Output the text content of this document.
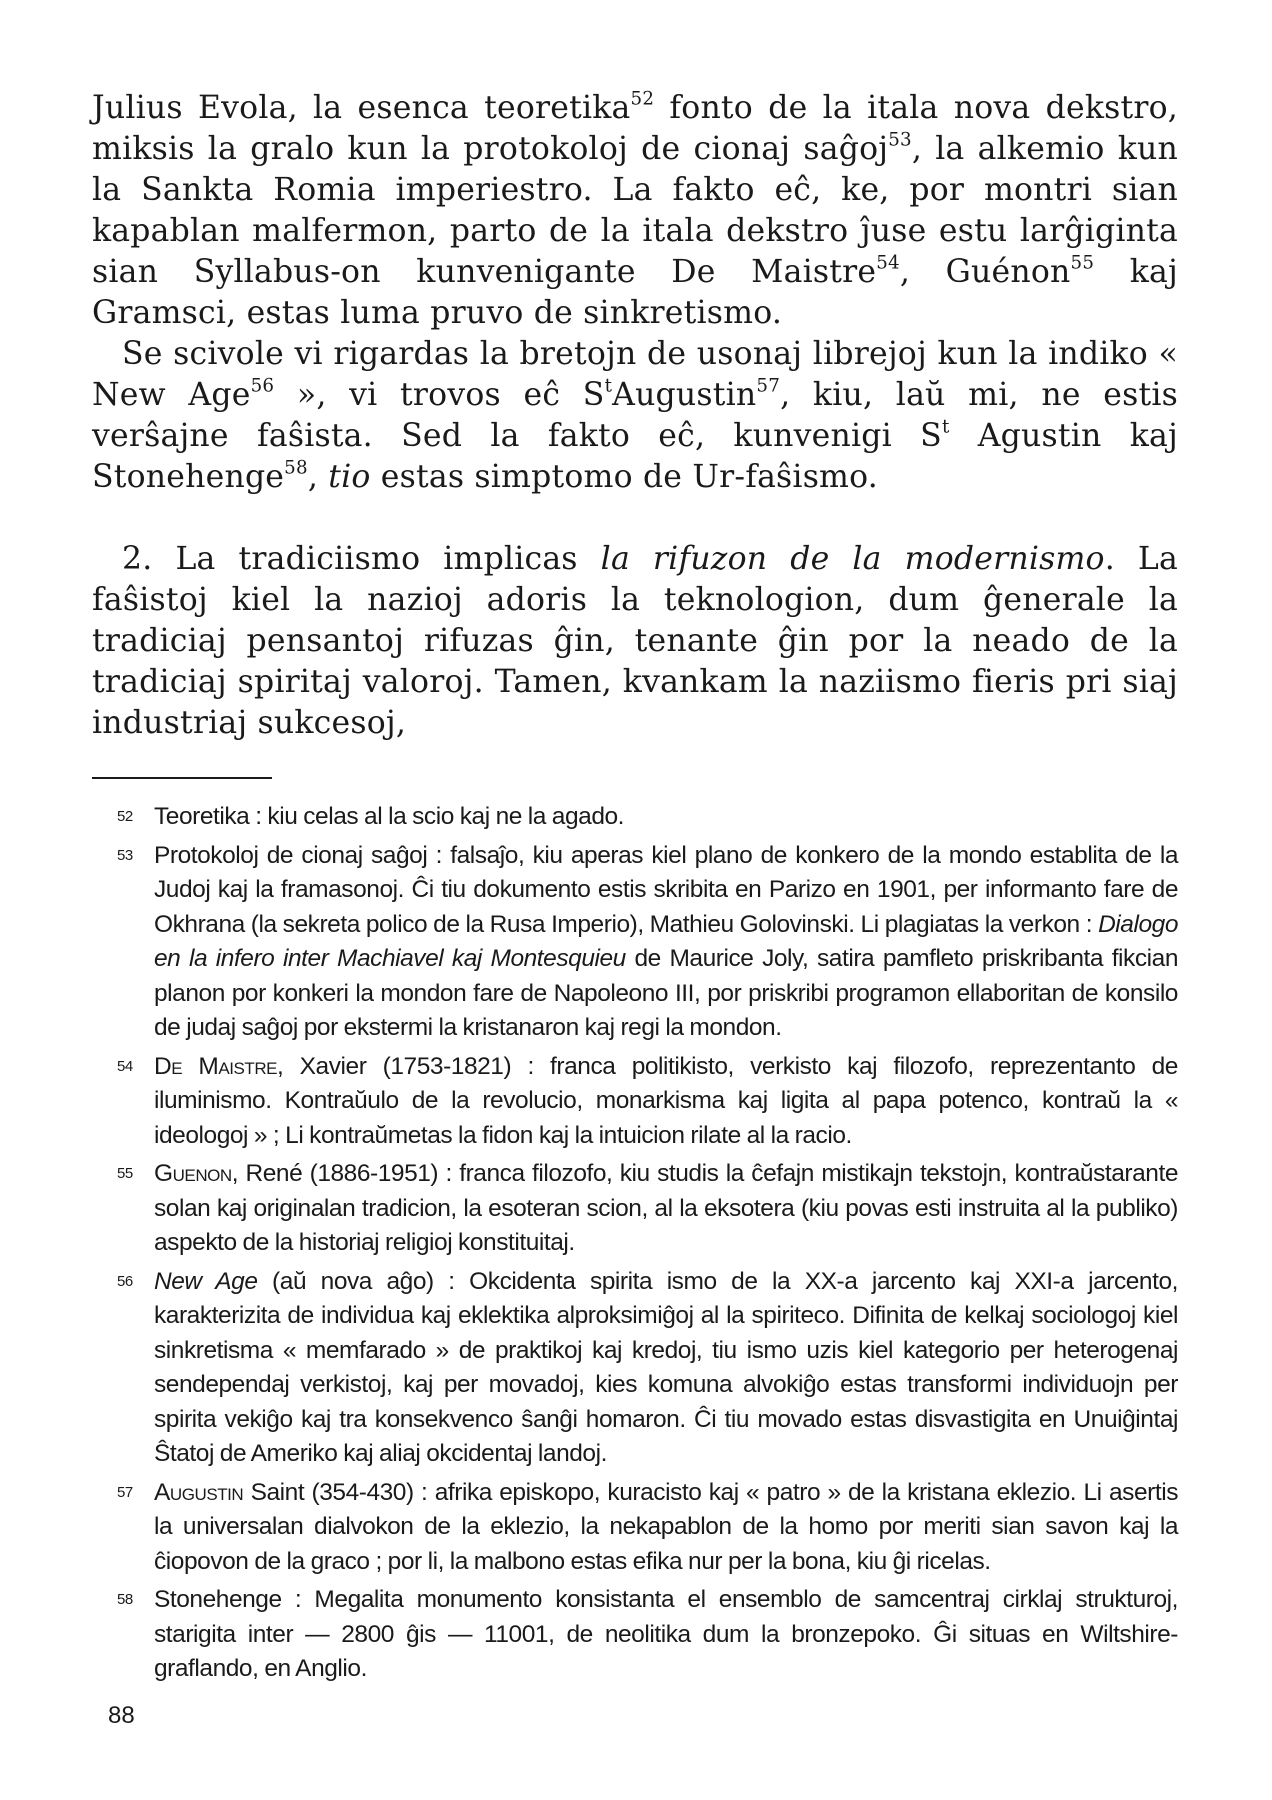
Julius Evola, la esenca teoretika$^{52}$ fonto de la itala nova dekstro, miksis la gralo kun la protokoloj de cionaj saĝoj$^{53}$, la alkemio kun la Sankta Romia imperiestro. La fakto eĉ, ke, por montri sian kapablan malfermon, parto de la itala dekstro ĵuse estu larĝiginta sian Syllabus-on kunvenigante De Maistre$^{54}$, Guénon$^{55}$ kaj Gramsci, estas luma pruvo de sinkretismo.

Se scivole vi rigardas la bretojn de usonaj librejoj kun la indiko « New Age$^{56}$ », vi trovos eĉ $S^tAugustin^{57}$, kiu, laŭ mi, ne estis verŝajne faŝista. Sed la fakto eĉ, kunvenigi $S^t$ Agustin kaj Stonehenge$^{58}$, tio estas simptomo de Ur-faŝismo.

2. La tradiciismo implicas la rifuzon de la modernismo. La faŝistoj kiel la nazioj adoris la teknologion, dum ĝenerale la tradiciaj pensantoj rifuzas ĝin, tenante ĝin por la neado de la tradiciaj spiritaj valoroj. Tamen, kvankam la naziismo fieris pri siaj industriaj sukcesoj,

52 Teoretika : kiu celas al la scio kaj ne la agado.
53 Protokoloj de cionaj saĝoj : falsaĵo, kiu aperas kiel plano de konkero de la mondo establita de la Judoj kaj la framasonoj. Ĉi tiu dokumento estis skribita en Parizo en 1901, per informanto fare de Okhrana (la sekreta polico de la Rusa Imperio), Mathieu Golovinski. Li plagiatas la verkon : Dialogo en la infero inter Machiavel kaj Montesquieu de Maurice Joly, satira pamfleto priskribanta fikcian planon por konkeri la mondon fare de Napoleono III, por priskribi programon ellaboritan de konsilo de judaj saĝoj por ekstermi la kristanaron kaj regi la mondon.
54 De Maistre, Xavier (1753-1821) : franca politikisto, verkisto kaj filozofo, reprezentanto de iluminismo. Kontraŭulo de la revolucio, monarkisma kaj ligita al papa potenco, kontraŭ la « ideologoj » ; Li kontraŭmetas la fidon kaj la intuicion rilate al la racio.
55 Guenon, René (1886-1951) : franca filozofo, kiu studis la ĉefajn mistikajn tekstojn, kontraŭstarante solan kaj originalan tradicion, la esoteran scion, al la eksotera (kiu povas esti instruita al la publiko) aspekto de la historiaj religioj konstituitaj.
56 New Age (aŭ nova aĝo) : Okcidenta spirita ismo de la XX-a jarcento kaj XXI-a jarcento, karakterizita de individua kaj eklektika alproksimiĝoj al la spiriteco. Difinita de kelkaj sociologoj kiel sinkretisma « memfarado » de praktikoj kaj kredoj, tiu ismo uzis kiel kategorio per heterogenaj sendependaj verkistoj, kaj per movadoj, kies komuna alvokiĝo estas transformi individuojn per spirita vekiĝo kaj tra konsekvenco ŝanĝi homaron. Ĉi tiu movado estas disvastigita en Unuiĝintaj Ŝtatoj de Ameriko kaj aliaj okcidentaj landoj.
57 Augustin Saint (354-430) : afrika episkopo, kuracisto kaj « patro » de la kristana eklezio. Li asertis la universalan dialvokon de la eklezio, la nekapablon de la homo por meriti sian savon kaj la ĉiopovon de la graco ; por li, la malbono estas efika nur per la bona, kiu ĝi ricelas.
58 Stonehenge : Megalita monumento konsistanta el ensemblo de samcentraj cirklaj strukturoj, starigita inter — 2800 ĝis — 11001, de neolitika dum la bronzepoko. Ĝi situas en Wiltshire-graflando, en Anglio.
88
